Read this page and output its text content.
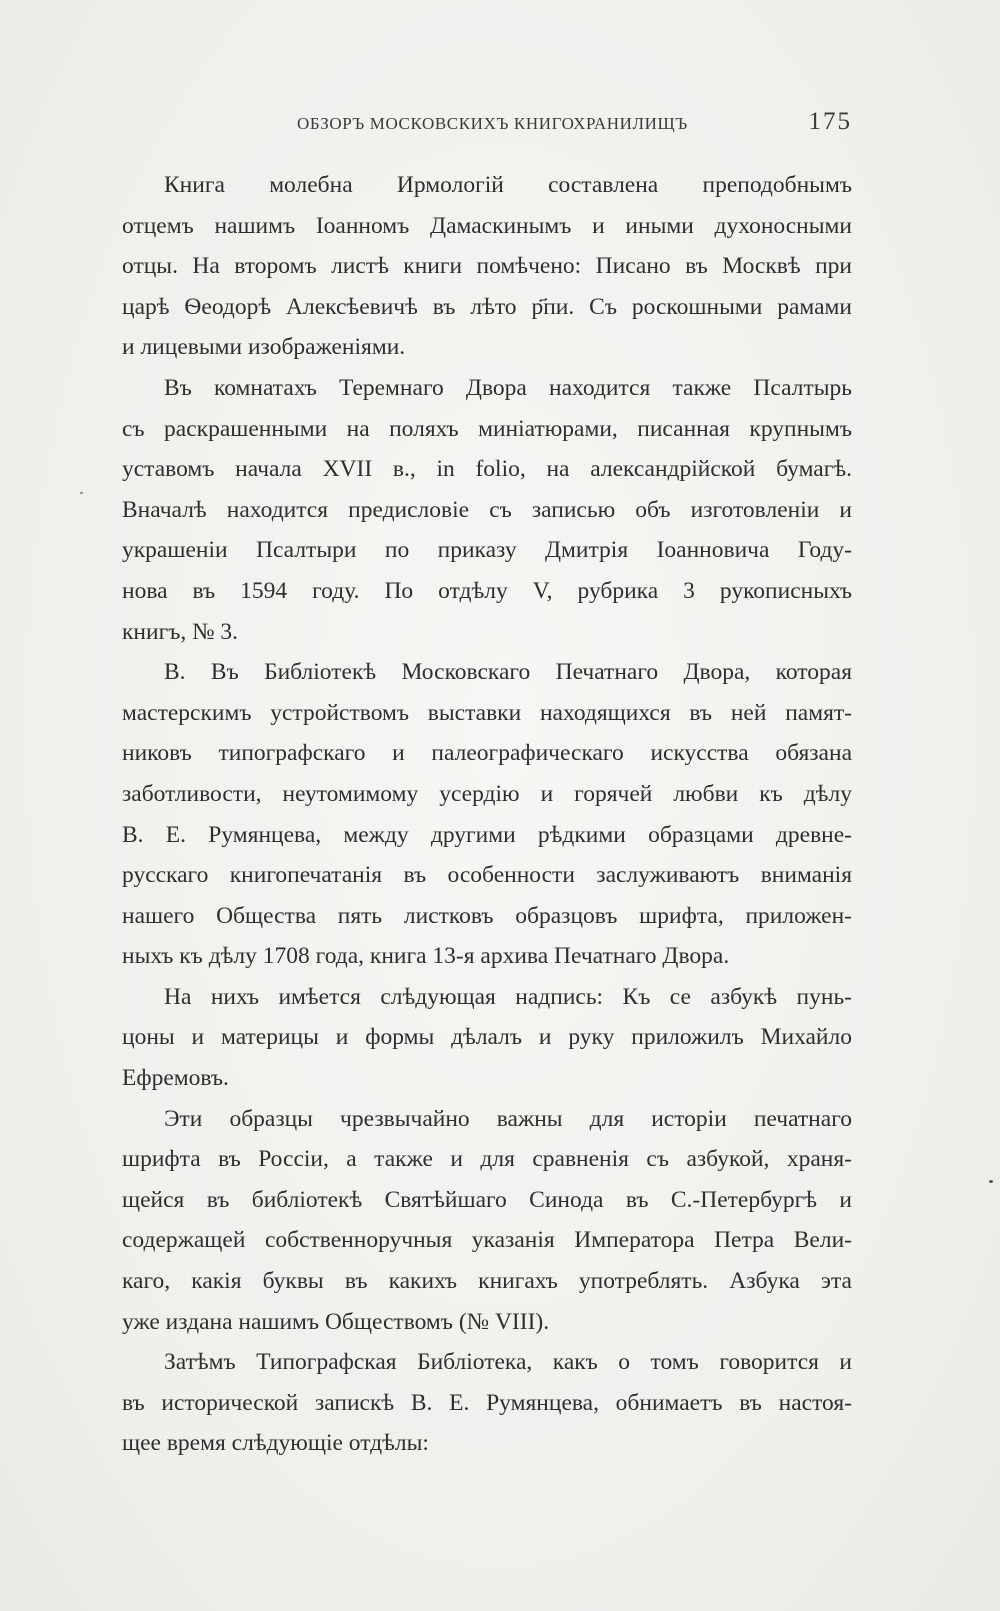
ОБЗОРЪ МОСКОВСКИХЪ КНИГОХРАНИЛИЩЪ	175
Книга молебна Ирмологiй составлена преподобнымъ
отцемъ нашимъ Iоанномъ Дамаскинымъ и иными духоносными
отцы. На второмъ листѣ книги помѣчено: Писано въ Москвѣ при
царѣ Ѳеодорѣ Алексѣевичѣ въ лѣто р҃пи. Съ роскошными рамами
и лицевыми изображенiями.
Въ комнатахъ Теремнаго Двора находится также Псалтырь
съ раскрашенными на поляхъ миніатюрами, писанная крупнымъ
уставомъ начала XVII в., in folio, на александрiйской бумагѣ.
Вначалѣ находится предисловiе съ записью объ изготовленiи и
украшенiи Псалтыри по приказу Дмитрiя Iоанновича Году-
нова въ 1594 году. По отдѣлу V, рубрика 3 рукописныхъ
книгъ, № 3.
В. Въ Библiотекѣ Московскаго Печатнаго Двора, которая
мастерскимъ устройствомъ выставки находящихся въ ней памят-
никовъ типографскаго и палеографическаго искусства обязана
заботливости, неутомимому усердiю и горячей любви къ дѣлу
В. Е. Румянцева, между другими рѣдкими образцами древне-
русскаго книгопечатанiя въ особенности заслуживаютъ вниманiя
нашего Общества пять листковъ образцовъ шрифта, приложен-
ныхъ къ дѣлу 1708 года, книга 13-я архива Печатнаго Двора.
На нихъ имѣется слѣдующая надпись: Къ се азбукѣ пунь-
цоны и материцы и формы дѣлалъ и руку приложилъ Михайло
Ефремовъ.
Эти образцы чрезвычайно важны для исторiи печатнаго
шрифта въ Россiи, а также и для сравненiя съ азбукой, храня-
щейся въ библiотекѣ Святѣйшаго Синода въ С.-Петербургѣ и
содержащей собственноручныя указанiя Императора Петра Вели-
каго, какiя буквы въ какихъ книгахъ употреблять. Азбука эта
уже издана нашимъ Обществомъ (№ VIII).
Затѣмъ Типографская Библiотека, какъ о томъ говорится и
въ исторической запискѣ В. Е. Румянцева, обнимаетъ въ настоя-
щее время слѣдующiе отдѣлы:
